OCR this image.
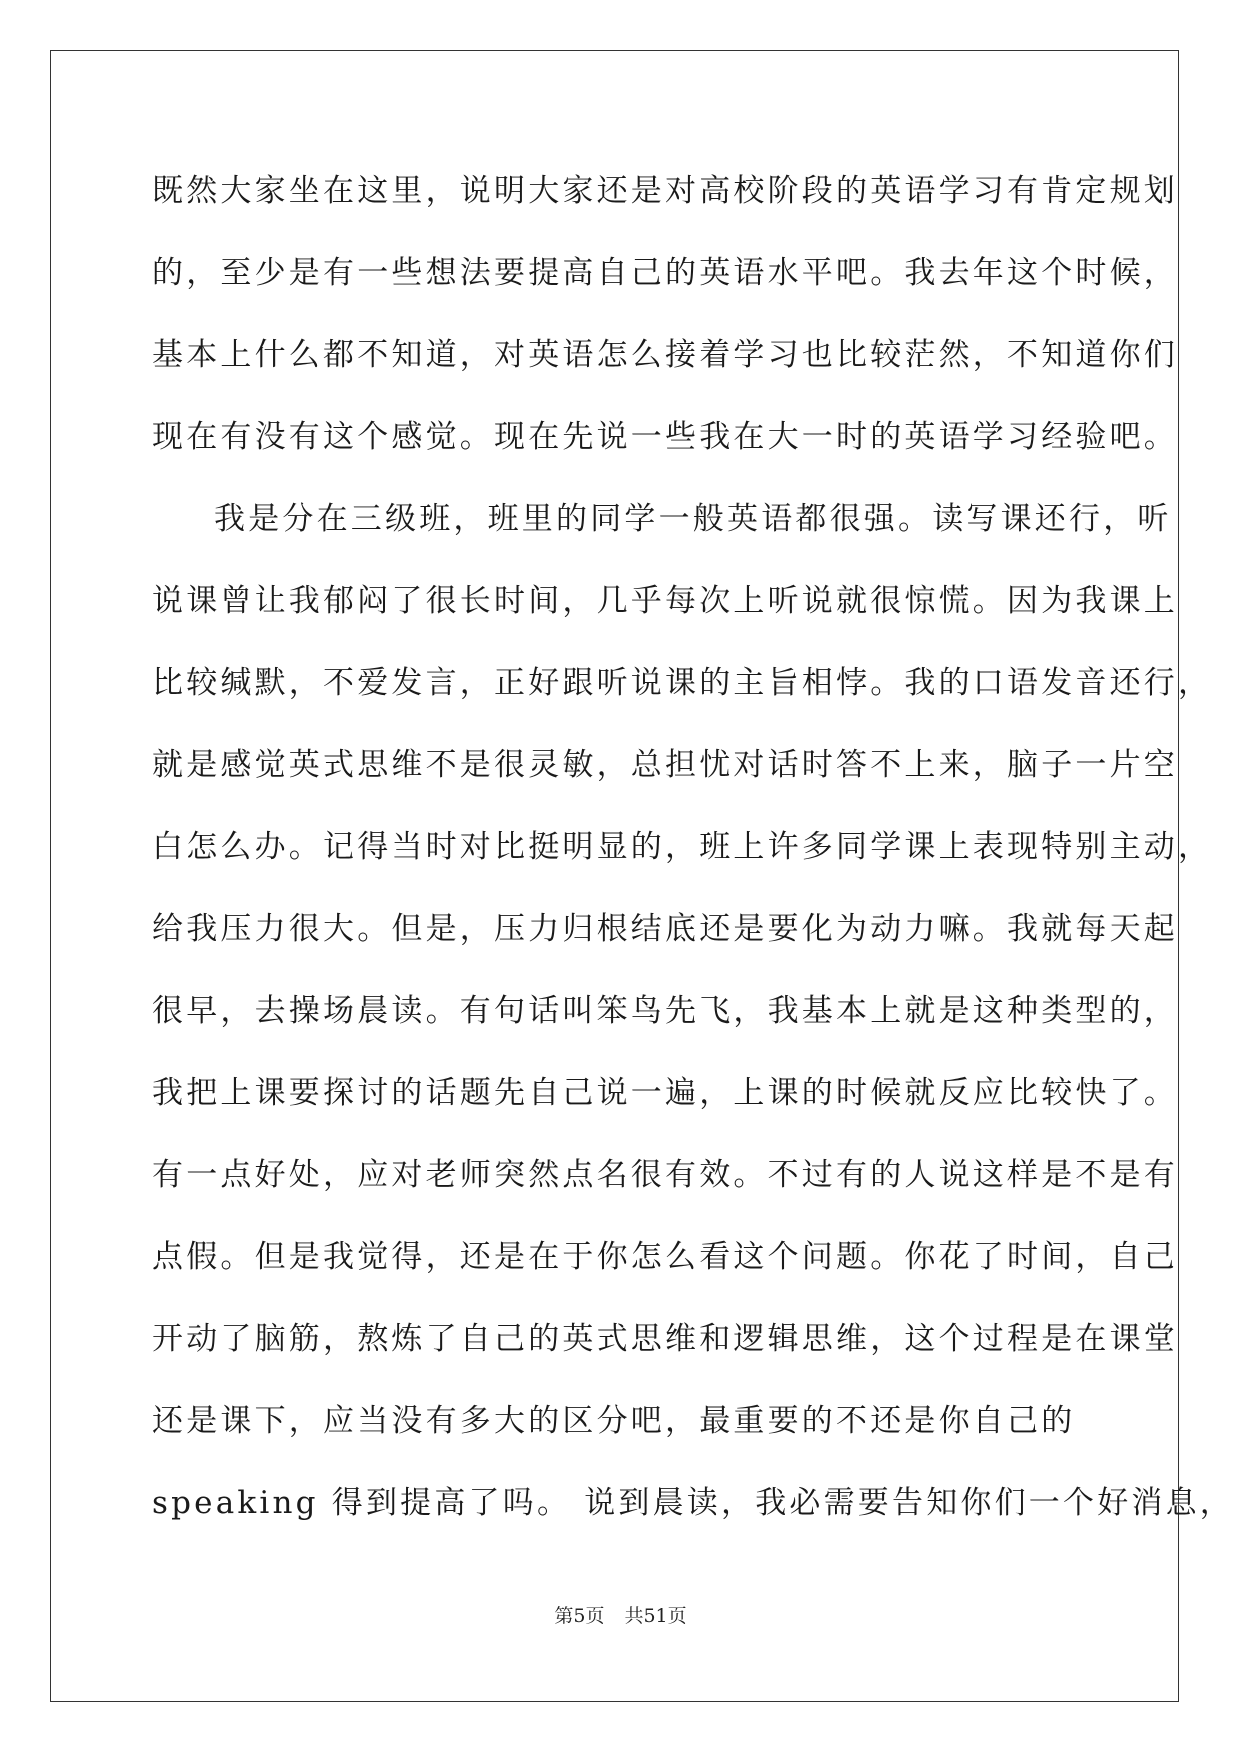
既然大家坐在这里，说明大家还是对高校阶段的英语学习有肯定规划
的，至少是有一些想法要提高自己的英语水平吧。我去年这个时候，
基本上什么都不知道，对英语怎么接着学习也比较茫然，不知道你们
现在有没有这个感觉。现在先说一些我在大一时的英语学习经验吧。
我是分在三级班，班里的同学一般英语都很强。读写课还行，听
说课曾让我郁闷了很长时间，几乎每次上听说就很惊慌。因为我课上
比较缄默，不爱发言，正好跟听说课的主旨相悖。我的口语发音还行，
就是感觉英式思维不是很灵敏，总担忧对话时答不上来，脑子一片空
白怎么办。记得当时对比挺明显的，班上许多同学课上表现特别主动，
给我压力很大。但是，压力归根结底还是要化为动力嘛。我就每天起
很早，去操场晨读。有句话叫笨鸟先飞，我基本上就是这种类型的，
我把上课要探讨的话题先自己说一遍，上课的时候就反应比较快了。
有一点好处，应对老师突然点名很有效。不过有的人说这样是不是有
点假。但是我觉得，还是在于你怎么看这个问题。你花了时间，自己
开动了脑筋，熬炼了自己的英式思维和逻辑思维，这个过程是在课堂
还是课下，应当没有多大的区分吧，最重要的不还是你自己的
speaking 得到提高了吗。 说到晨读，我必需要告知你们一个好消息，
第5页 共51页
